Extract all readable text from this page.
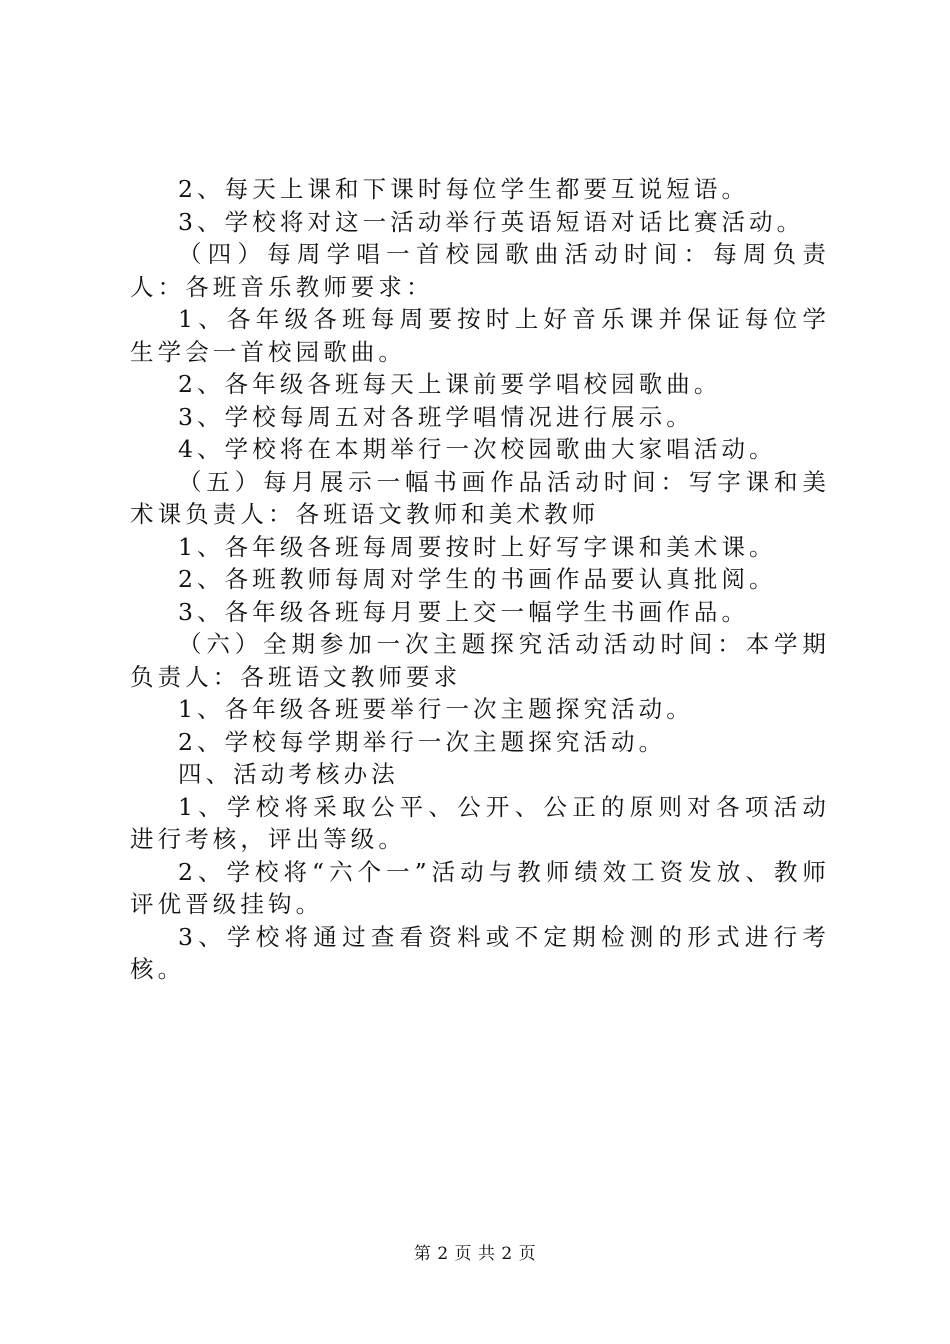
2、每天上课和下课时每位学生都要互说短语。

3、学校将对这一活动举行英语短语对话比赛活动。

（四）每周学唱一首校园歌曲活动时间：每周负责人：各班音乐教师要求：

1、各年级各班每周要按时上好音乐课并保证每位学生学会一首校园歌曲。

2、各年级各班每天上课前要学唱校园歌曲。

3、学校每周五对各班学唱情况进行展示。

4、学校将在本期举行一次校园歌曲大家唱活动。

（五）每月展示一幅书画作品活动时间：写字课和美术课负责人：各班语文教师和美术教师

1、各年级各班每周要按时上好写字课和美术课。

2、各班教师每周对学生的书画作品要认真批阅。

3、各年级各班每月要上交一幅学生书画作品。

（六）全期参加一次主题探究活动活动时间：本学期负责人：各班语文教师要求

1、各年级各班要举行一次主题探究活动。

2、学校每学期举行一次主题探究活动。

四、活动考核办法

1、学校将采取公平、公开、公正的原则对各项活动进行考核，评出等级。

2、学校将“六个一”活动与教师绩效工资发放、教师评优晋级挂钩。

3、学校将通过查看资料或不定期检测的形式进行考核。

第 2 页 共 2 页
